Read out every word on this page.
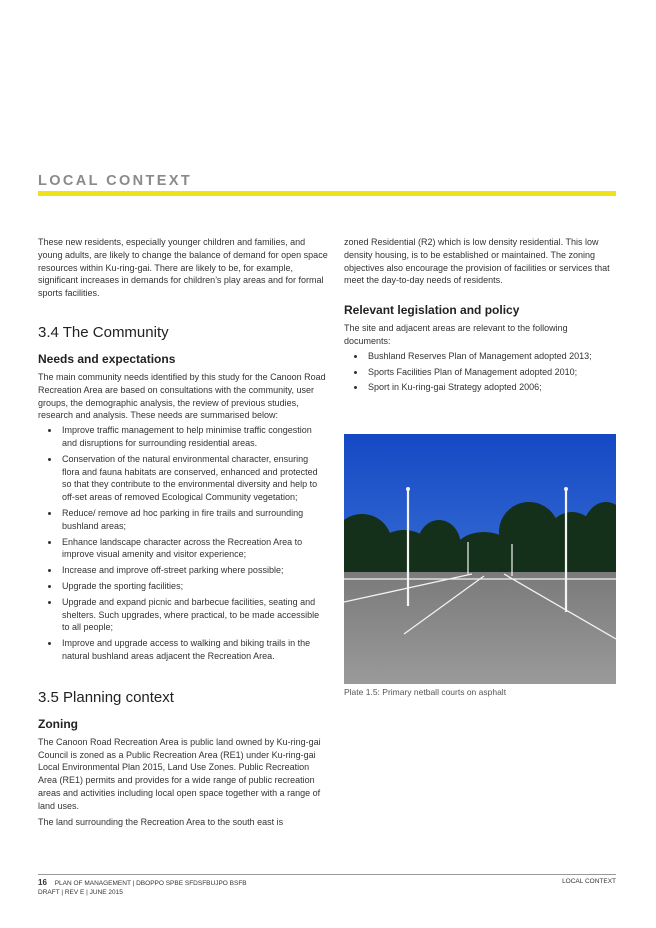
LOCAL CONTEXT

These new residents, especially younger children and families, and young adults, are likely to change the balance of demand for open space resources within Ku-ring-gai. There are likely to be, for example, significant increases in demands for children’s play areas and for formal sports facilities.

3.4 The Community
Needs and expectations

The main community needs identified by this study for the Canoon Road Recreation Area are based on consultations with the community, user groups, the demographic analysis, the review of previous studies, research and analysis. These needs are summarised below:

• Improve traffic management to help minimise traffic congestion and disruptions for surrounding residential areas.
• Conservation of the natural environmental character, ensuring flora and fauna habitats are conserved, enhanced and protected so that they contribute to the environmental diversity and help to off-set areas of removed Ecological Community vegetation;
• Reduce/ remove ad hoc parking in fire trails and surrounding bushland areas;
• Enhance landscape character across the Recreation Area to improve visual amenity and visitor experience;
• Increase and improve off-street parking where possible;
• Upgrade the sporting facilities;
• Upgrade and expand picnic and barbecue facilities, seating and shelters. Such upgrades, where practical, to be made accessible to all people;
• Improve and upgrade access to walking and biking trails in the natural bushland areas adjacent the Recreation Area.
3.5 Planning context
Zoning

The Canoon Road Recreation Area is public land owned by Ku-ring-gai Council is zoned as a Public Recreation Area (RE1) under Ku-ring-gai Local Environmental Plan 2015, Land Use Zones. Public Recreation Area (RE1) permits and provides for a wide range of public recreation areas and activities including local open space together with a range of land uses.

The land surrounding the Recreation Area to the south east is

zoned Residential (R2) which is low density residential. This low density housing, is to be established or maintained. The zoning objectives also encourage the provision of facilities or services that meet the day-to-day needs of residents.

Relevant legislation and policy

The site and adjacent areas are relevant to the following documents:

• Bushland Reserves Plan of Management adopted 2013;
• Sports Facilities Plan of Management adopted 2010;
• Sport in Ku-ring-gai Strategy adopted 2006;
Plate 1.5: Primary netball courts on asphalt
16 PLAN OF MANAGEMENT | DBOPPO SPBE SFDSFBUJPO BSFB
DRAFT | REV E | JUNE 2015
LOCAL CONTEXT
